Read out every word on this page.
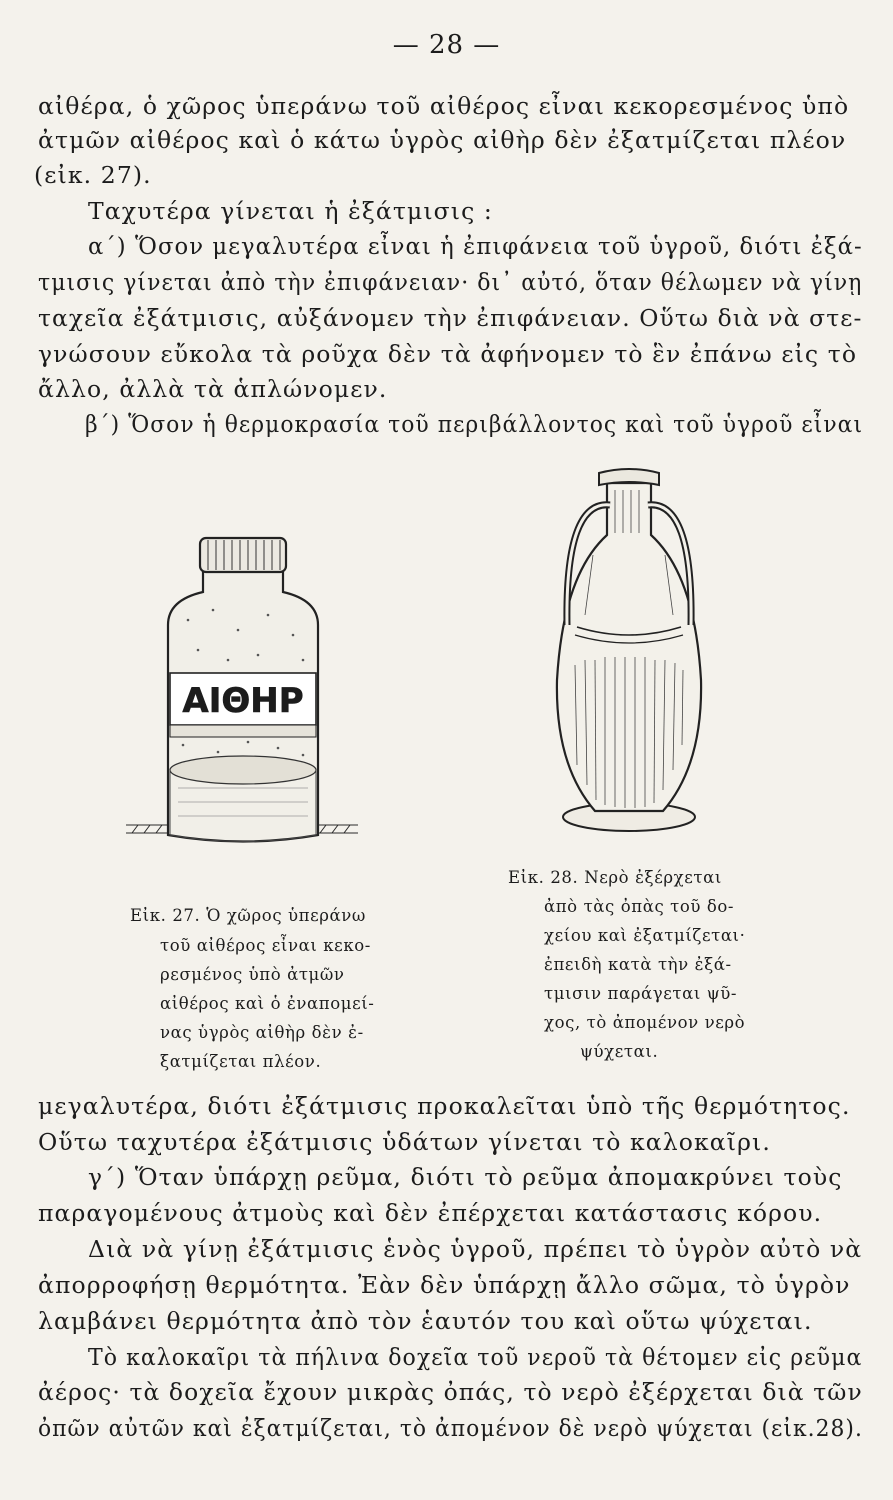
— 28 —
αἰθέρα, ὁ χῶρος ὑπεράνω τοῦ αἰθέρος εἶναι κεκορεσμένος ὑπὸ
ἀτμῶν αἰθέρος καὶ ὁ κάτω ὑγρὸς αἰθὴρ δὲν ἐξατμίζεται πλέον
(εἰκ. 27).
Ταχυτέρα γίνεται ἡ ἐξάτμισις :
α΄) Ὅσον μεγαλυτέρα εἶναι ἡ ἐπιφάνεια τοῦ ὑγροῦ, διότι ἐξά-
τμισις γίνεται ἀπὸ τὴν ἐπιφάνειαν· δι᾽ αὐτό, ὅταν θέλωμεν νὰ γίνῃ
ταχεῖα ἐξάτμισις, αὐξάνομεν τὴν ἐπιφάνειαν. Οὕτω διὰ νὰ στε-
γνώσουν εὔκολα τὰ ροῦχα δὲν τὰ ἀφήνομεν τὸ ἓν ἐπάνω εἰς τὸ
ἄλλο, ἀλλὰ τὰ ἁπλώνομεν.
β΄) Ὅσον ἡ θερμοκρασία τοῦ περιβάλλοντος καὶ τοῦ ὑγροῦ εἶναι
ΑΙΘΗΡ
Εἰκ. 27. Ὁ χῶρος ὑπεράνω
τοῦ αἰθέρος εἶναι κεκο-
ρεσμένος ὑπὸ ἀτμῶν
αἰθέρος καὶ ὁ ἐναπομεί-
νας ὑγρὸς αἰθὴρ δὲν ἐ-
ξατμίζεται πλέον.
Εἰκ. 28. Νερὸ ἐξέρχεται
ἀπὸ τὰς ὀπὰς τοῦ δο-
χείου καὶ ἐξατμίζεται·
ἐπειδὴ κατὰ τὴν ἐξά-
τμισιν παράγεται ψῦ-
χος, τὸ ἀπομένον νερὸ
ψύχεται.
μεγαλυτέρα, διότι ἐξάτμισις προκαλεῖται ὑπὸ τῆς θερμότητος.
Οὕτω ταχυτέρα ἐξάτμισις ὑδάτων γίνεται τὸ καλοκαῖρι.
γ΄) Ὅταν ὑπάρχῃ ρεῦμα, διότι τὸ ρεῦμα ἀπομακρύνει τοὺς
παραγομένους ἀτμοὺς καὶ δὲν ἐπέρχεται κατάστασις κόρου.
Διὰ νὰ γίνῃ ἐξάτμισις ἑνὸς ὑγροῦ, πρέπει τὸ ὑγρὸν αὐτὸ νὰ
ἀπορροφήσῃ θερμότητα. Ἐὰν δὲν ὑπάρχῃ ἄλλο σῶμα, τὸ ὑγρὸν
λαμβάνει θερμότητα ἀπὸ τὸν ἑαυτόν του καὶ οὕτω ψύχεται.
Τὸ καλοκαῖρι τὰ πήλινα δοχεῖα τοῦ νεροῦ τὰ θέτομεν εἰς ρεῦμα
ἀέρος· τὰ δοχεῖα ἔχουν μικρὰς ὀπάς, τὸ νερὸ ἐξέρχεται διὰ τῶν
ὀπῶν αὐτῶν καὶ ἐξατμίζεται, τὸ ἀπομένον δὲ νερὸ ψύχεται (εἰκ.28).
